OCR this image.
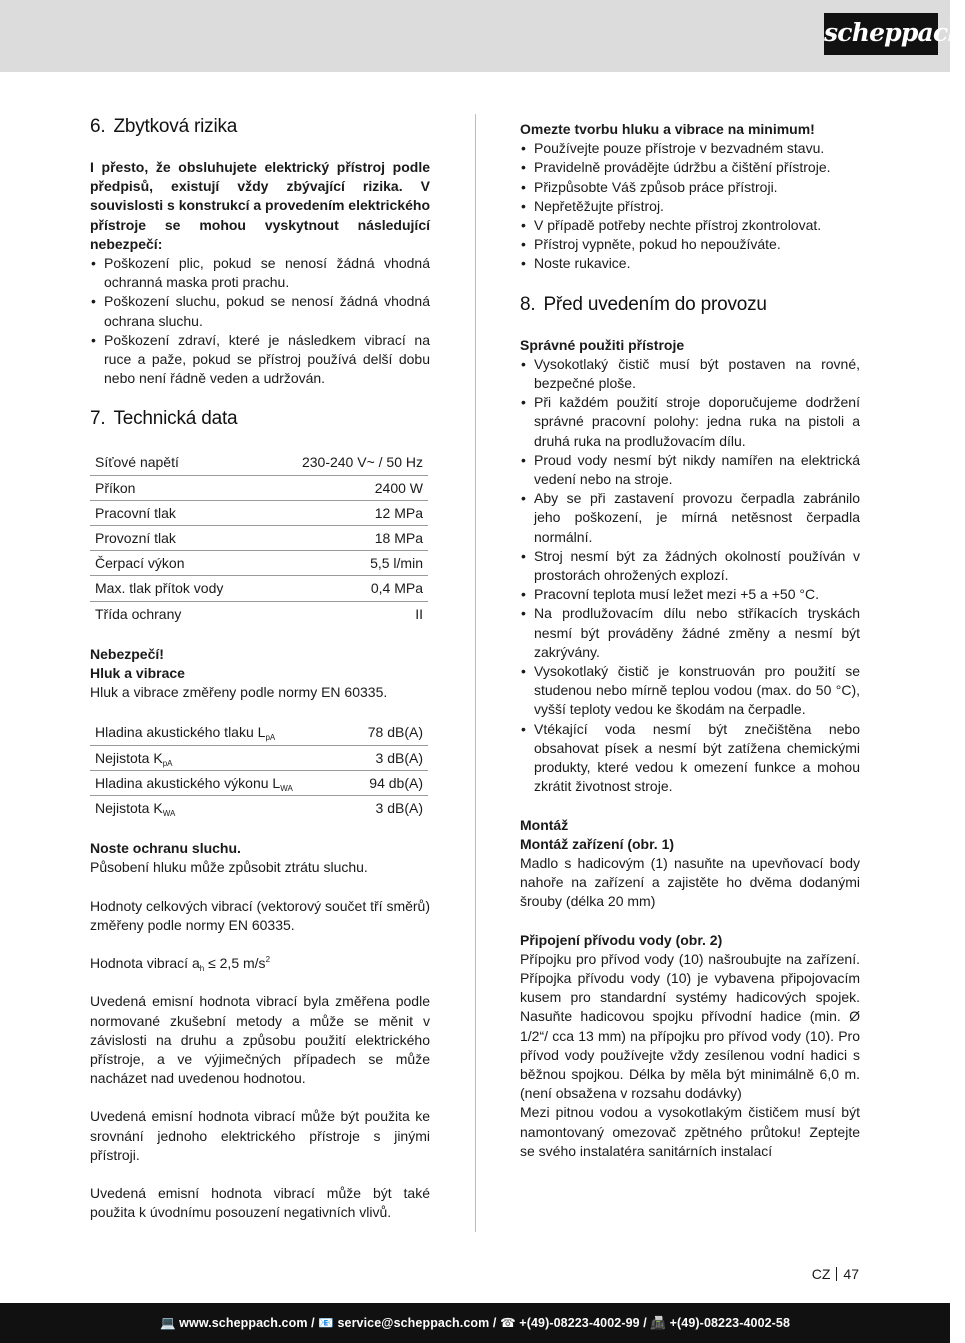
scheppach
6. Zbytková rizika

I přesto, že obsluhujete elektrický přístroj podle předpisů, existují vždy zbývající rizika. V souvislosti s konstrukcí a provedením elektrického přístroje se mohou vyskytnout následující nebezpečí:

• Poškození plic, pokud se nenosí žádná vhodná ochranná maska proti prachu.
• Poškození sluchu, pokud se nenosí žádná vhodná ochrana sluchu.
• Poškození zdraví, které je následkem vibrací na ruce a paže, pokud se přístroj používá delší dobu nebo není řádně veden a udržován.
7. Technická data
Síťové napětí	230-240 V~ / 50 Hz
Příkon	2400 W
Pracovní tlak	12 MPa
Provozní tlak	18 MPa
Čerpací výkon	5,5 l/min
Max. tlak přítok vody	0,4 MPa
Třída ochrany	II

Nebezpečí!

Hluk a vibrace

Hluk a vibrace změřeny podle normy EN 60335.

Hladina akustického tlaku $L_{pA}$	78 dB(A)
Nejistota $K_{pA}$	3 dB(A)
Hladina akustického výkonu $L_{WA}$	94 db(A)
Nejistota $K_{WA}$	3 dB(A)

Noste ochranu sluchu.

Působení hluku může způsobit ztrátu sluchu.

Hodnoty celkových vibrací (vektorový součet tří směrů) změřeny podle normy EN 60335.

Hodnota vibrací $a_h \le 2,5$ $m/s^2$

Uvedená emisní hodnota vibrací byla změřena podle normované zkušební metody a může se měnit v závislosti na druhu a způsobu použití elektrického přístroje, a ve výjimečných případech se může nacházet nad uvedenou hodnotou.

Uvedená emisní hodnota vibrací může být použita ke srovnání jednoho elektrického přístroje s jinými přístroji.

Uvedená emisní hodnota vibrací může být také použita k úvodnímu posouzení negativních vlivů.

Omezte tvorbu hluku a vibrace na minimum!

• Používejte pouze přístroje v bezvadném stavu.
• Pravidelně provádějte údržbu a čištění přístroje.
• Přizpůsobte Váš způsob práce přístroji.
• Nepřetěžujte přístroj.
• V případě potřeby nechte přístroj zkontrolovat.
• Přístroj vypněte, pokud ho nepoužíváte.
• Noste rukavice.
8. Před uvedením do provozu

Správné použiti přístroje

• Vysokotlaký čistič musí být postaven na rovné, bezpečné ploše.
• Při každém použití stroje doporučujeme dodržení správné pracovní polohy: jedna ruka na pistoli a druhá ruka na prodlužovacím dílu.
• Proud vody nesmí být nikdy namířen na elektrická vedení nebo na stroje.
• Aby se při zastavení provozu čerpadla zabránilo jeho poškození, je mírná netěsnost čerpadla normální.
• Stroj nesmí být za žádných okolností používán v prostorách ohrožených explozí.
• Pracovní teplota musí ležet mezi +5 a +50 °C.
• Na prodlužovacím dílu nebo stříkacích tryskách nesmí být prováděny žádné změny a nesmí být zakrývány.
• Vysokotlaký čistič je konstruován pro použití se studenou nebo mírně teplou vodou (max. do 50 °C), vyšší teploty vedou ke škodám na čerpadle.
• Vtékající voda nesmí být znečištěna nebo obsahovat písek a nesmí být zatížena chemickými produkty, které vedou k omezení funkce a mohou zkrátit životnost stroje.

Montáž

Montáž zařízení (obr. 1)

Madlo s hadicovým (1) nasuňte na upevňovací body nahoře na zařízení a zajistěte ho dvěma dodanými šrouby (délka 20 mm)

Připojení přívodu vody (obr. 2)

Přípojku pro přívod vody (10) našroubujte na zařízení. Přípojka přívodu vody (10) je vybavena připojovacím kusem pro standardní systémy hadicových spojek. Nasuňte hadicovou spojku přívodní hadice (min. Ø 1/2“/ cca 13 mm) na přípojku pro přívod vody (10). Pro přívod vody používejte vždy zesílenou vodní hadici s běžnou spojkou. Délka by měla být minimálně 6,0 m. (není obsažena v rozsahu dodávky)

Mezi pitnou vodou a vysokotlakým čističem musí být namontovaný omezovač zpětného průtoku! Zeptejte se svého instalatéra sanitárních instalací

CZ 47
💻 www.scheppach.com / 📧 service@scheppach.com / ☎ +(49)-08223-4002-99 / 📠 +(49)-08223-4002-58
